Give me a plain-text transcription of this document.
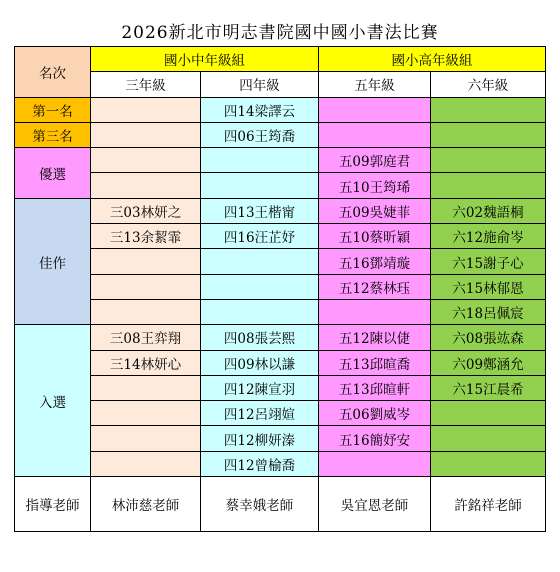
2026新北市明志書院國中國小書法比賽
名次	國小中年級組		國小高年級組	
	三年級	四年級	五年級	六年級
第一名		四14梁譯云		
第三名		四06王筠喬		
優選			五09郭庭君	
			五10王筠琋	
佳作	三03林妍之	四13王楷甯	五09吳婕菲	六02魏語桐
	三13余絜霏	四16汪芷妤	五10蔡昕穎	六12施俞岑
			五16鄧靖璇	六15謝子心
			五12蔡林珏	六15林郁恩
				六18呂佩宸
入選	三08王弈翔	四08張芸熙	五12陳以倢	六08張竑森
	三14林妍心	四09林以謙	五13邱暄喬	六09鄭涵允
		四12陳宣羽	五13邱暄軒	六15江晨希
		四12呂翊媗	五06劉威岑	
		四12柳妍溱	五16簡妤安	
		四12曾榆喬		
指導老師	林沛慈老師	蔡幸娥老師	吳宜恩老師	許銘祥老師
